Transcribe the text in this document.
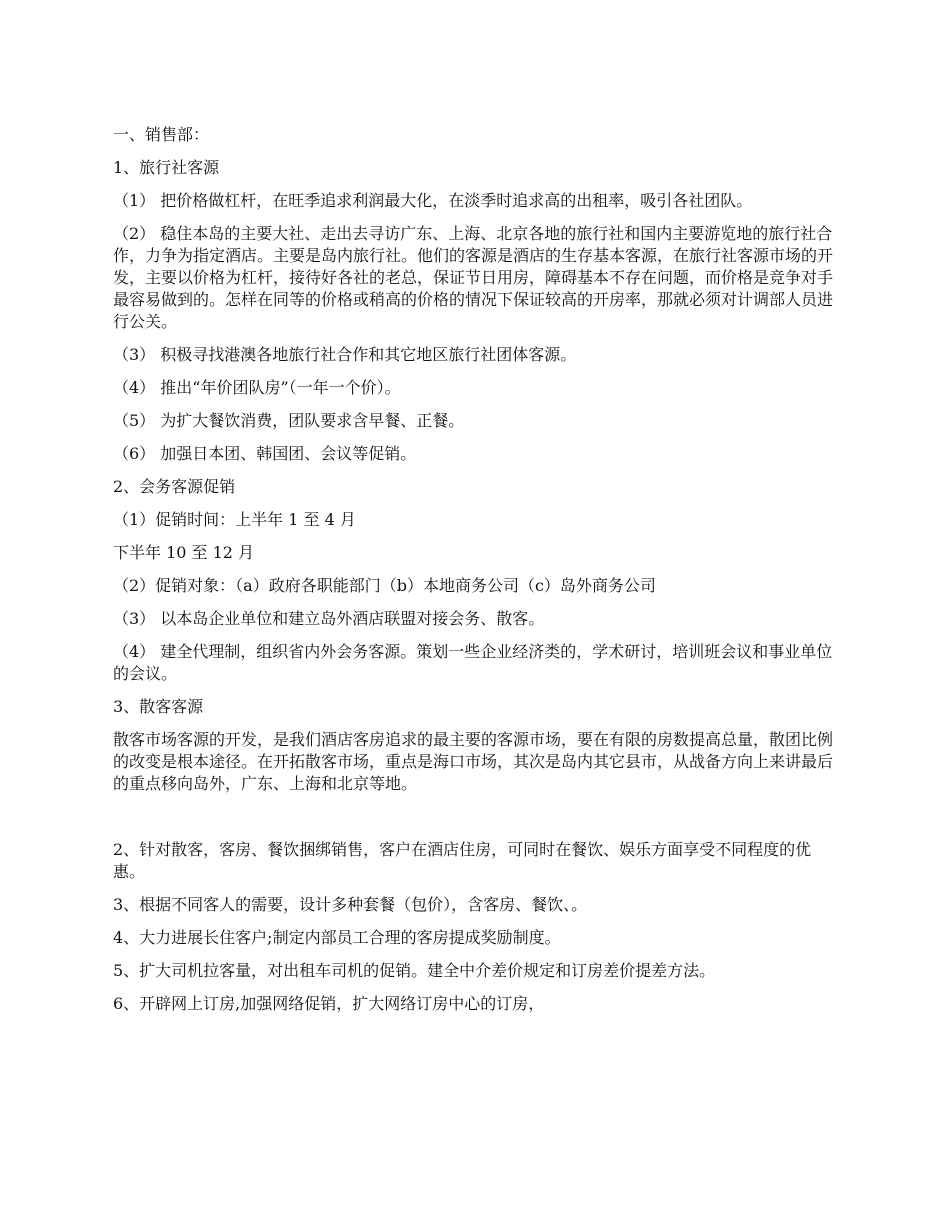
一、销售部：

1、旅行社客源

（1） 把价格做杠杆，在旺季追求利润最大化，在淡季时追求高的出租率，吸引各社团队。

（2） 稳住本岛的主要大社、走出去寻访广东、上海、北京各地的旅行社和国内主要游览地的旅行社合作，力争为指定酒店。主要是岛内旅行社。他们的客源是酒店的生存基本客源，在旅行社客源市场的开发，主要以价格为杠杆，接待好各社的老总，保证节日用房，障碍基本不存在问题，而价格是竞争对手最容易做到的。怎样在同等的价格或稍高的价格的情况下保证较高的开房率，那就必须对计调部人员进行公关。

（3） 积极寻找港澳各地旅行社合作和其它地区旅行社团体客源。

（4） 推出“年价团队房”（一年一个价）。

（5） 为扩大餐饮消费，团队要求含早餐、正餐。

（6） 加强日本团、韩国团、会议等促销。

2、会务客源促销

（1）促销时间：上半年 1 至 4 月

下半年 10 至 12 月

（2）促销对象：（a）政府各职能部门（b）本地商务公司（c）岛外商务公司

（3） 以本岛企业单位和建立岛外酒店联盟对接会务、散客。

（4） 建全代理制，组织省内外会务客源。策划一些企业经济类的，学术研讨，培训班会议和事业单位的会议。

3、散客客源

散客市场客源的开发，是我们酒店客房追求的最主要的客源市场，要在有限的房数提高总量，散团比例的改变是根本途径。在开拓散客市场，重点是海口市场，其次是岛内其它县市，从战备方向上来讲最后的重点移向岛外，广东、上海和北京等地。

2、针对散客，客房、餐饮捆绑销售，客户在酒店住房，可同时在餐饮、娱乐方面享受不同程度的优惠。

3、根据不同客人的需要，设计多种套餐（包价），含客房、餐饮、。

4、大力进展长住客户;制定内部员工合理的客房提成奖励制度。

5、扩大司机拉客量，对出租车司机的促销。建全中介差价规定和订房差价提差方法。

6、开辟网上订房,加强网络促销，扩大网络订房中心的订房，
